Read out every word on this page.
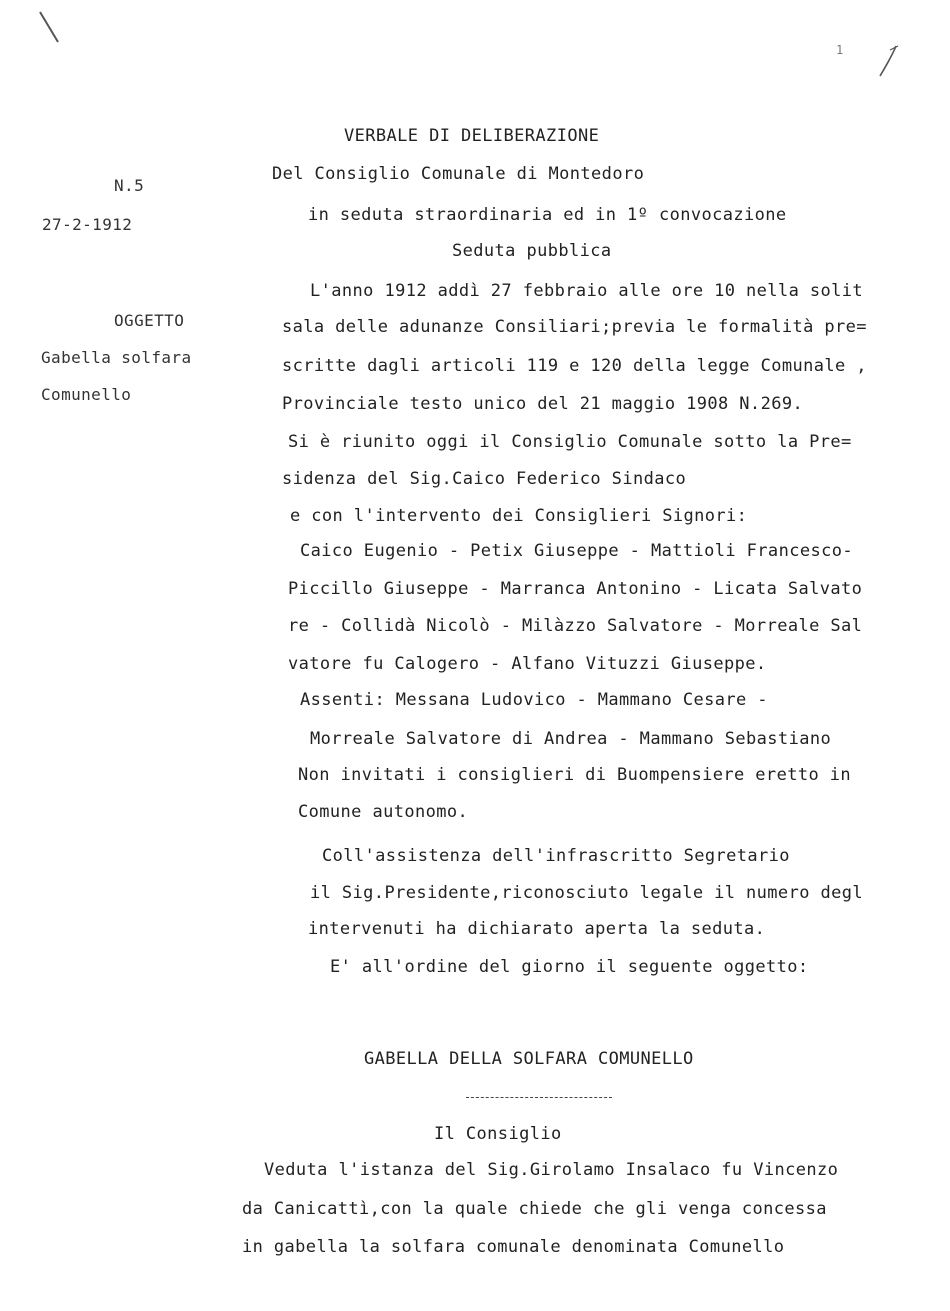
1
N.5
27-2-1912
OGGETTO
Gabella solfara
Comunello
VERBALE DI DELIBERAZIONE
Del Consiglio Comunale di Montedoro
in seduta straordinaria ed in 1º convocazione
Seduta pubblica
L'anno 1912 addì 27 febbraio alle ore 10 nella solit
sala delle adunanze Consiliari;previa le formalità pre=
scritte dagli articoli 119 e 120 della legge Comunale ,
Provinciale testo unico del 21 maggio 1908 N.269.
Si è riunito oggi il Consiglio Comunale sotto la Pre=
sidenza del Sig.Caico Federico Sindaco
e con l'intervento dei Consiglieri Signori:
Caico Eugenio - Petix Giuseppe - Mattioli Francesco-
Piccillo Giuseppe - Marranca Antonino - Licata Salvato
re - Collidà Nicolò - Milàzzo Salvatore - Morreale Sal
vatore fu Calogero - Alfano Vituzzi Giuseppe.
Assenti: Messana Ludovico - Mammano Cesare -
Morreale Salvatore di Andrea - Mammano Sebastiano
Non invitati i consiglieri di Buompensiere eretto in
Comune autonomo.
Coll'assistenza dell'infrascritto Segretario
il Sig.Presidente,riconosciuto legale il numero degl
intervenuti ha dichiarato aperta la seduta.
E' all'ordine del giorno il seguente oggetto:
GABELLA DELLA SOLFARA COMUNELLO
Il Consiglio
Veduta l'istanza del Sig.Girolamo Insalaco fu Vincenzo
da Canicattì,con la quale chiede che gli venga concessa
in gabella la solfara comunale denominata Comunello
